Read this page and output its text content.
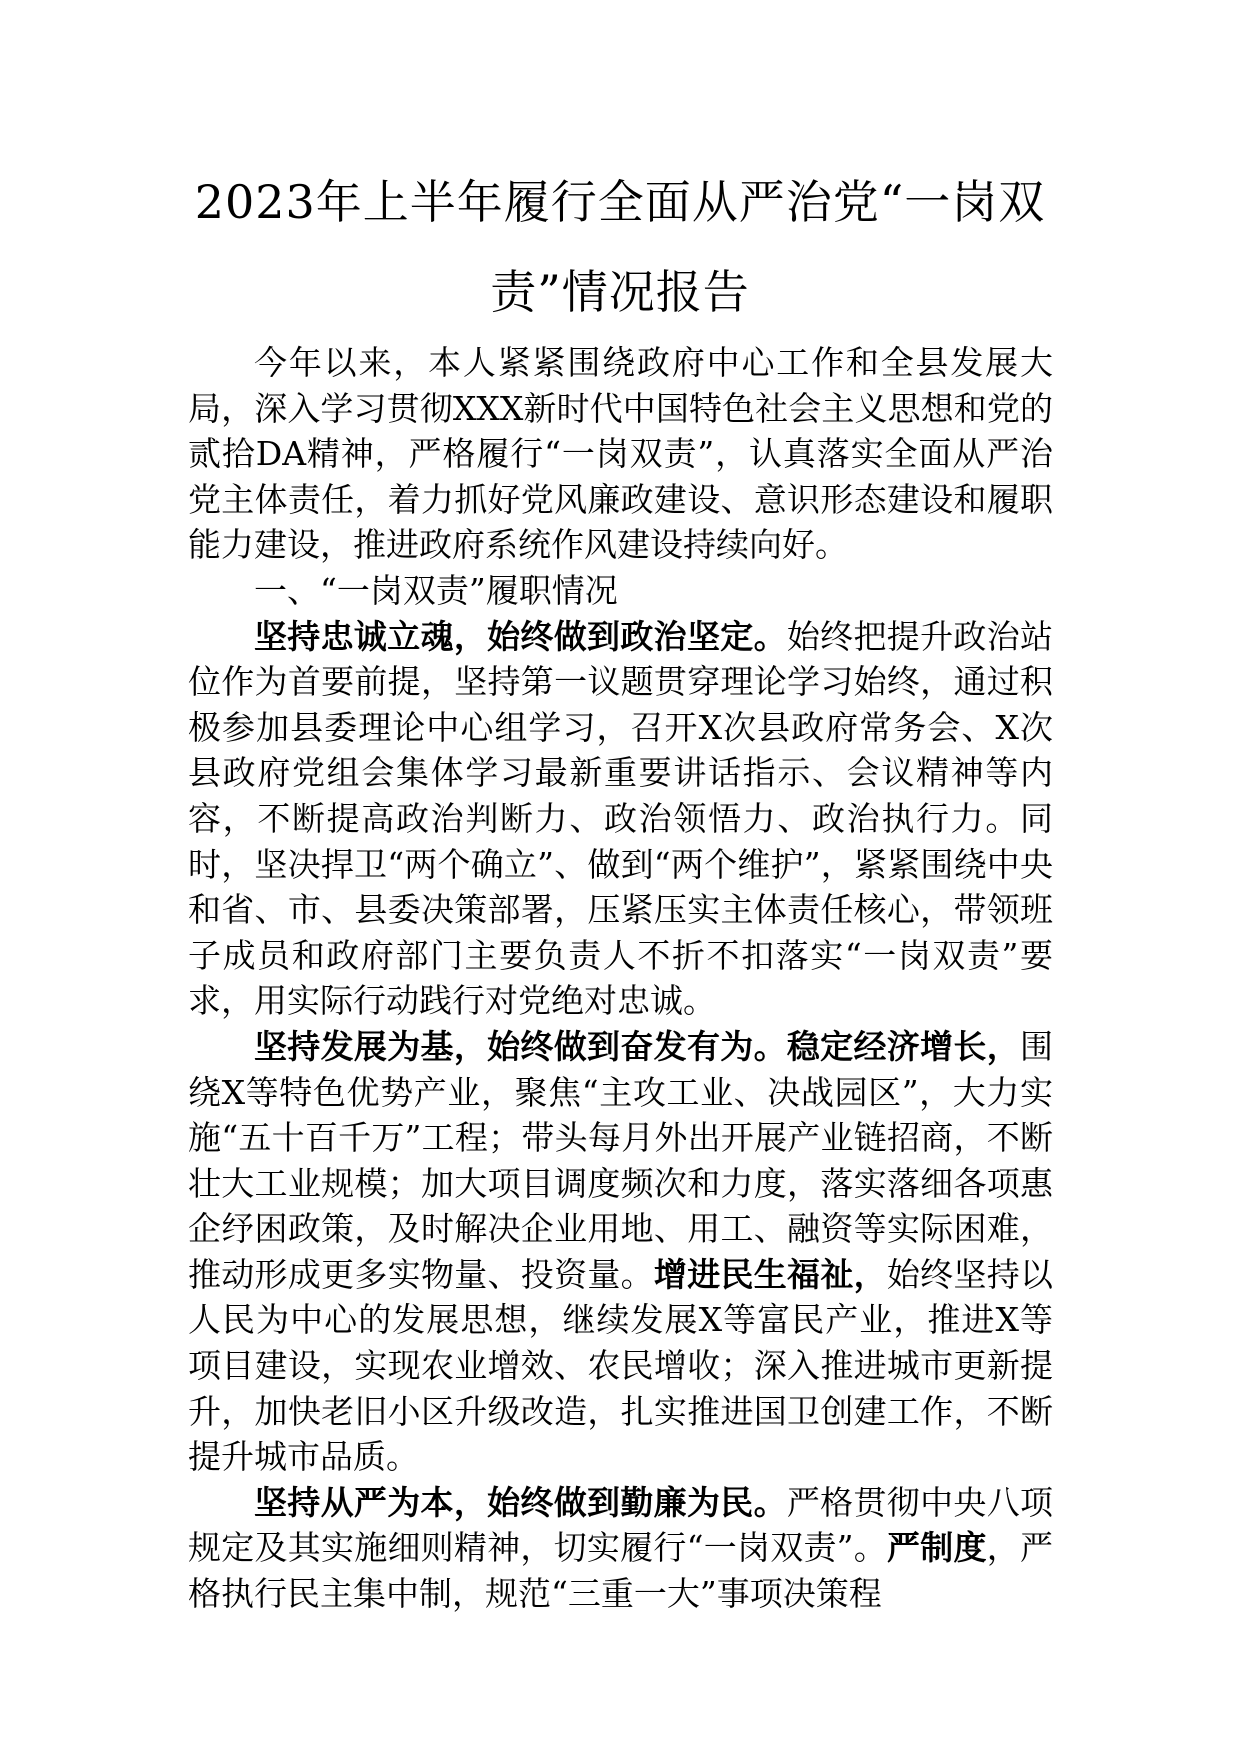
2023年上半年履行全面从严治党“一岗双
责”情况报告

今年以来，本人紧紧围绕政府中心工作和全县发展大局，深入学习贯彻XXX新时代中国特色社会主义思想和党的贰拾DA精神，严格履行“一岗双责”，认真落实全面从严治党主体责任，着力抓好党风廉政建设、意识形态建设和履职能力建设，推进政府系统作风建设持续向好。

一、“一岗双责”履职情况

坚持忠诚立魂，始终做到政治坚定。始终把提升政治站位作为首要前提，坚持第一议题贯穿理论学习始终，通过积极参加县委理论中心组学习，召开X次县政府常务会、X次县政府党组会集体学习最新重要讲话指示、会议精神等内容，不断提高政治判断力、政治领悟力、政治执行力。同时，坚决捍卫“两个确立”、做到“两个维护”，紧紧围绕中央和省、市、县委决策部署，压紧压实主体责任核心，带领班子成员和政府部门主要负责人不折不扣落实“一岗双责”要求，用实际行动践行对党绝对忠诚。

坚持发展为基，始终做到奋发有为。稳定经济增长，围绕X等特色优势产业，聚焦“主攻工业、决战园区”，大力实施“五十百千万”工程；带头每月外出开展产业链招商，不断壮大工业规模；加大项目调度频次和力度，落实落细各项惠企纾困政策，及时解决企业用地、用工、融资等实际困难，推动形成更多实物量、投资量。增进民生福祉，始终坚持以人民为中心的发展思想，继续发展X等富民产业，推进X等项目建设，实现农业增效、农民增收；深入推进城市更新提升，加快老旧小区升级改造，扎实推进国卫创建工作，不断提升城市品质。

坚持从严为本，始终做到勤廉为民。严格贯彻中央八项规定及其实施细则精神，切实履行“一岗双责”。严制度，严格执行民主集中制，规范“三重一大”事项决策程
